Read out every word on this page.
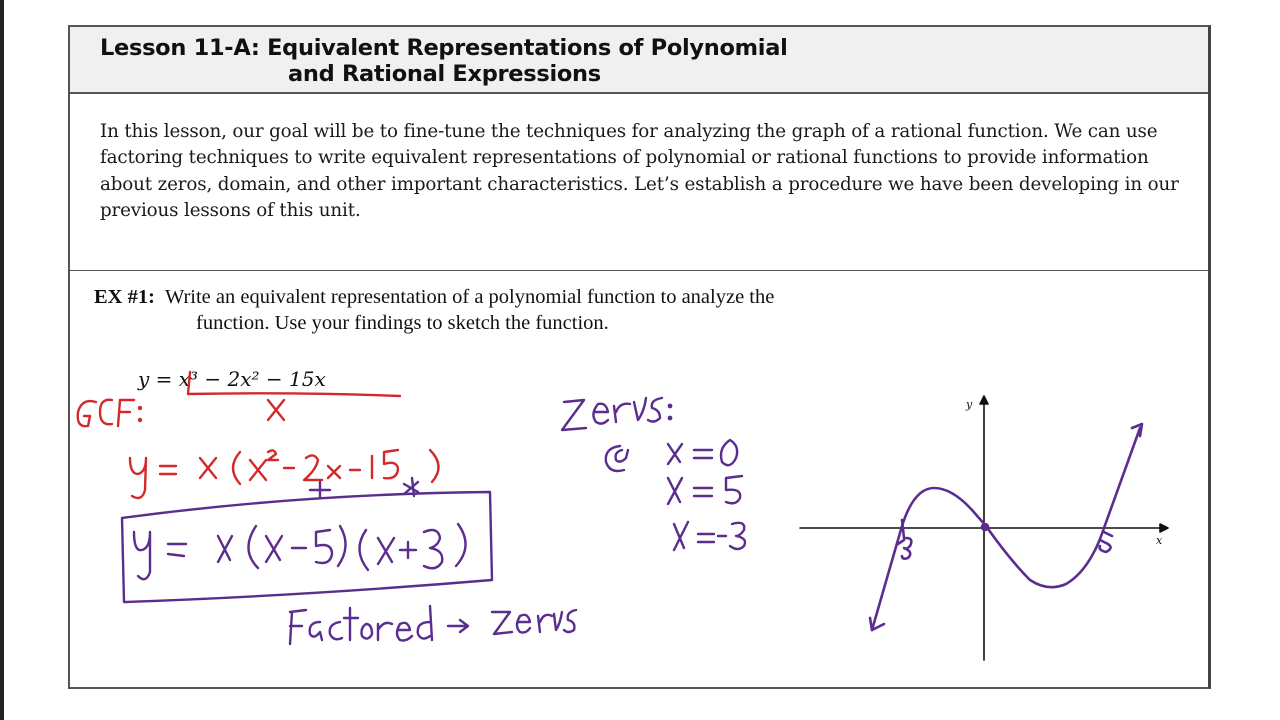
Lesson 11-A: Equivalent Representations of Polynomial
and Rational Expressions

In this lesson, our goal will be to fine-tune the techniques for analyzing the graph of a rational function. We can use factoring techniques to write equivalent representations of polynomial or rational functions to provide information about zeros, domain, and other important characteristics. Let’s establish a procedure we have been developing in our previous lessons of this unit.

EX #1: Write an equivalent representation of a polynomial function to analyze the
function. Use your findings to sketch the function.
y = x³ − 2x² − 15x
y
x
